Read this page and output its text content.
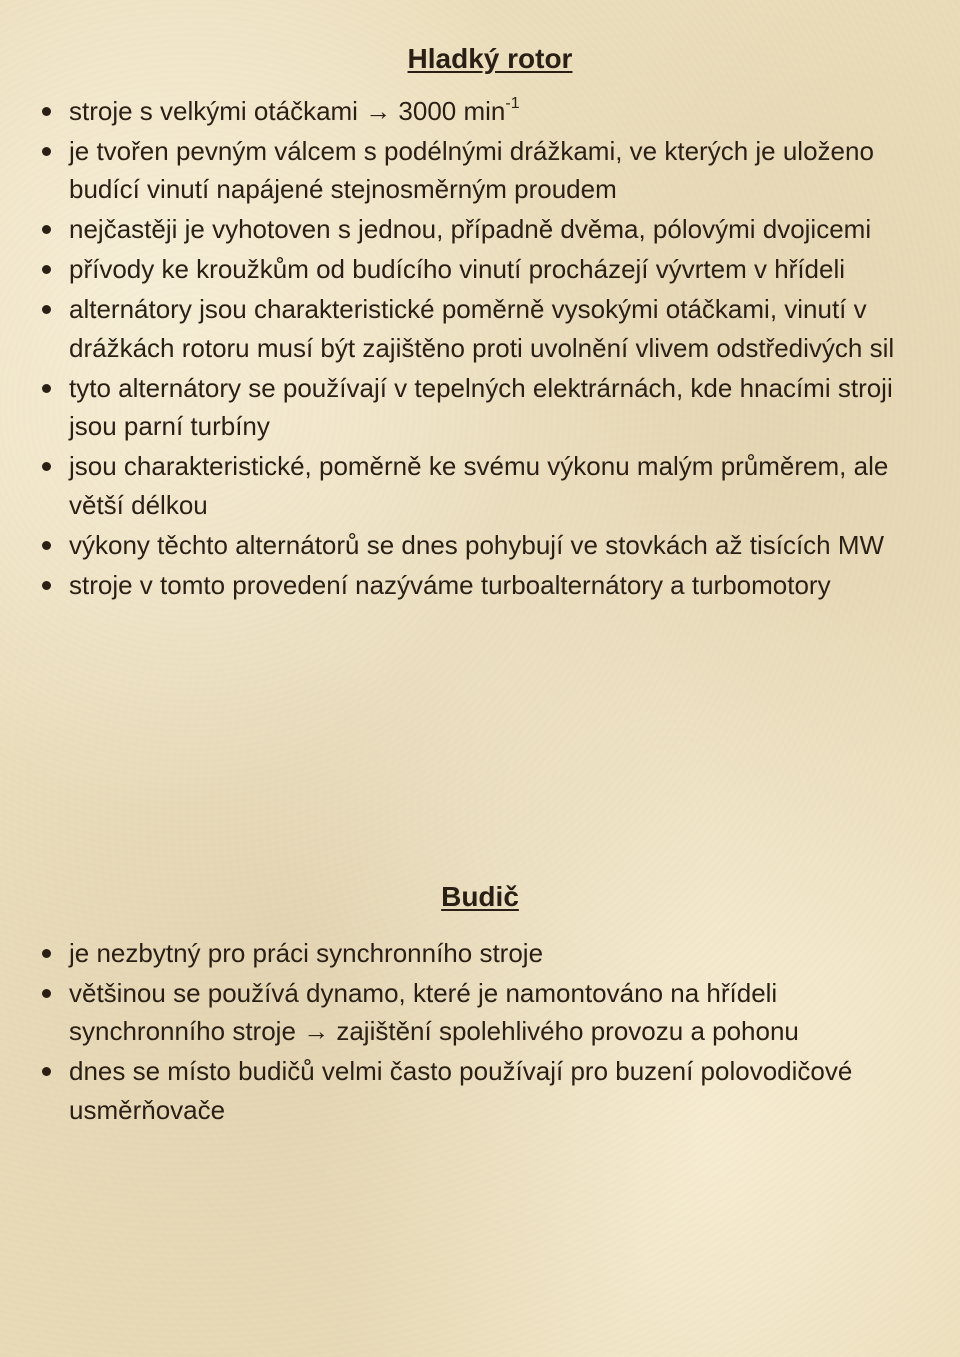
Hladký rotor
stroje s velkými otáčkami → 3000 $\min^{-1}$
je tvořen pevným válcem s podélnými drážkami, ve kterých je uloženo budící vinutí napájené stejnosměrným proudem
nejčastěji je vyhotoven s jednou, případně dvěma, pólovými dvojicemi
přívody ke kroužkům od budícího vinutí procházejí vývrtem v hřídeli
alternátory jsou charakteristické poměrně vysokými otáčkami, vinutí v drážkách rotoru musí být zajištěno proti uvolnění vlivem odstředivých sil
tyto alternátory se používají v tepelných elektrárnách, kde hnacími stroji jsou parní turbíny
jsou charakteristické, poměrně ke svému výkonu malým průměrem, ale větší délkou
výkony těchto alternátorů se dnes pohybují ve stovkách až tisících MW
stroje v tomto provedení nazýváme turboalternátory a turbomotory
Budič
je nezbytný pro práci synchronního stroje
většinou se používá dynamo, které je namontováno na hřídeli synchronního stroje → zajištění spolehlivého provozu a pohonu
dnes se místo budičů velmi často používají pro buzení polovodičové usměrňovače
